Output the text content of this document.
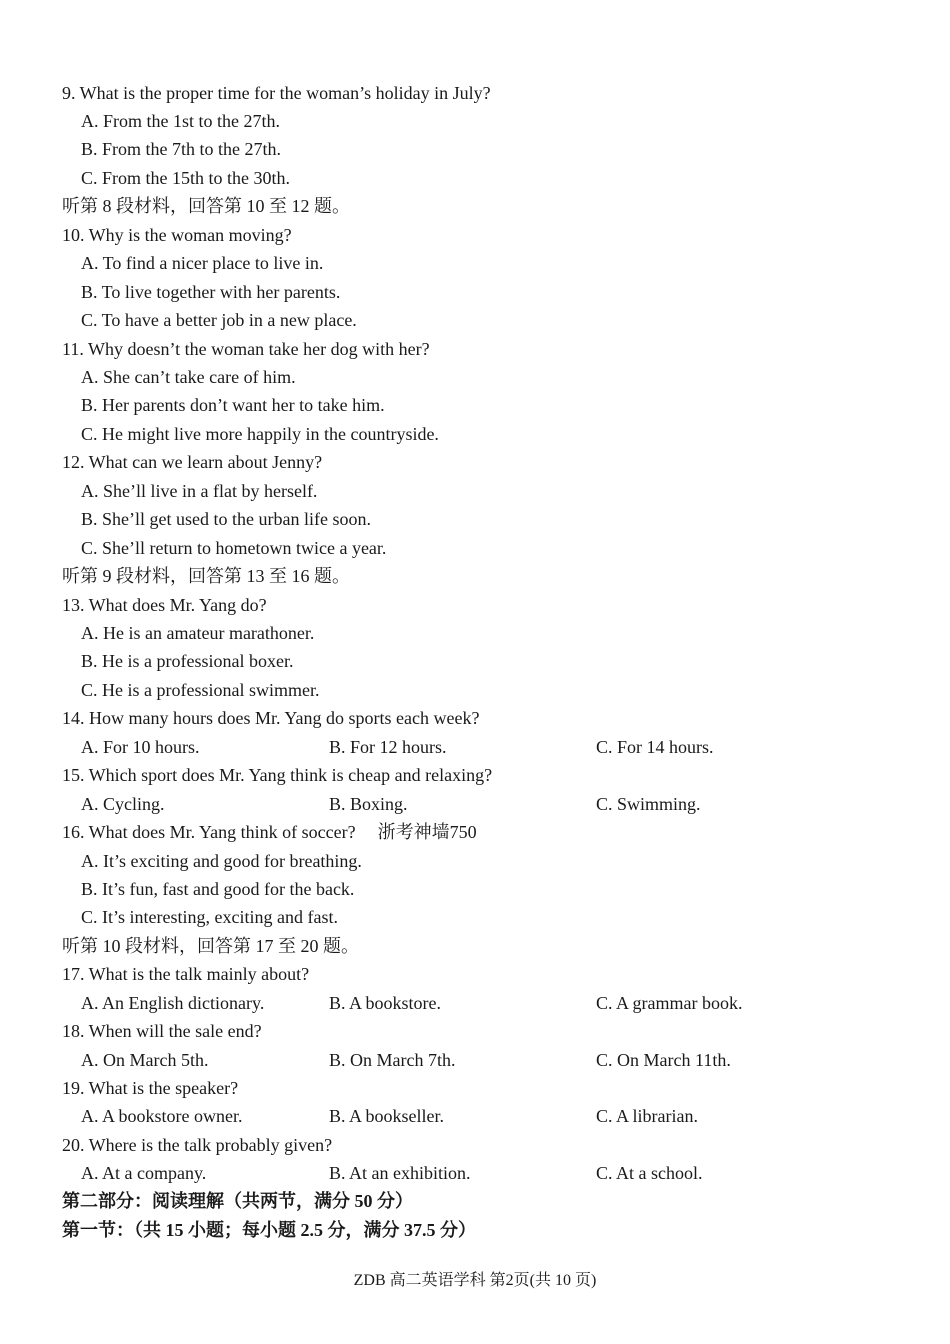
9. What is the proper time for the woman’s holiday in July?
A. From the 1st to the 27th.
B. From the 7th to the 27th.
C. From the 15th to the 30th.
听第 8 段材料，回答第 10 至 12 题。
10. Why is the woman moving?
A. To find a nicer place to live in.
B. To live together with her parents.
C. To have a better job in a new place.
11. Why doesn’t the woman take her dog with her?
A. She can’t take care of him.
B. Her parents don’t want her to take him.
C. He might live more happily in the countryside.
12. What can we learn about Jenny?
A. She’ll live in a flat by herself.
B. She’ll get used to the urban life soon.
C. She’ll return to hometown twice a year.
听第 9 段材料，回答第 13 至 16 题。
13. What does Mr. Yang do?
A. He is an amateur marathoner.
B. He is a professional boxer.
C. He is a professional swimmer.
14. How many hours does Mr. Yang do sports each week?
A. For 10 hours.	B. For 12 hours.	C. For 14 hours.
15. Which sport does Mr. Yang think is cheap and relaxing?
A. Cycling.	B. Boxing.	C. Swimming.
16. What does Mr. Yang think of soccer? 浙考神墙750
A. It’s exciting and good for breathing.
B. It’s fun, fast and good for the back.
C. It’s interesting, exciting and fast.
听第 10 段材料，回答第 17 至 20 题。
17. What is the talk mainly about?
A. An English dictionary.	B. A bookstore.	C. A grammar book.
18. When will the sale end?
A. On March 5th.	B. On March 7th.	C. On March 11th.
19. What is the speaker?
A. A bookstore owner.	B. A bookseller.	C. A librarian.
20. Where is the talk probably given?
A. At a company.	B. At an exhibition.	C. At a school.
第二部分：阅读理解（共两节，满分 50 分）
第一节：（共 15 小题；每小题 2.5 分，满分 37.5 分）
ZDB 高二英语学科 第2页(共 10 页)
